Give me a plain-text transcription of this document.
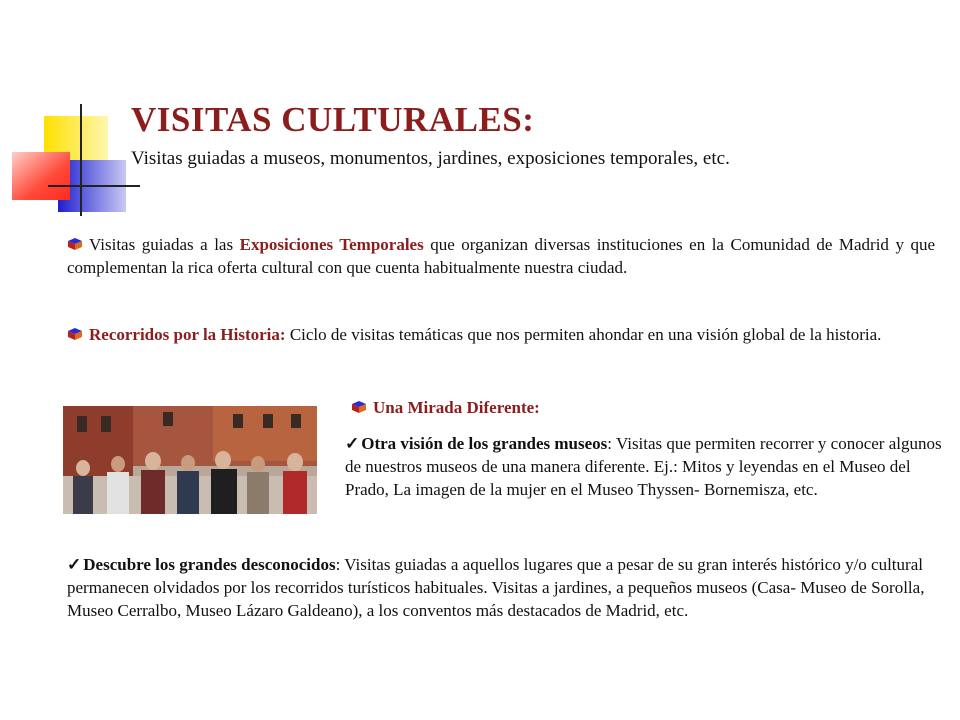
VISITAS CULTURALES:

Visitas guiadas a museos, monumentos, jardines, exposiciones temporales, etc.

Visitas guiadas a las Exposiciones Temporales que organizan diversas instituciones en la Comunidad de Madrid y que complementan la rica oferta cultural con que cuenta habitualmente nuestra ciudad.

Recorridos por la Historia: Ciclo de visitas temáticas que nos permiten ahondar en una visión global de la historia.

Una Mirada Diferente:

✓ Otra visión de los grandes museos: Visitas que permiten recorrer y conocer algunos de nuestros museos de una manera diferente. Ej.: Mitos y leyendas en el Museo del Prado, La imagen de la mujer en el Museo Thyssen- Bornemisza, etc.

✓ Descubre los grandes desconocidos: Visitas guiadas a aquellos lugares que a pesar de su gran interés histórico y/o cultural permanecen olvidados por los recorridos turísticos habituales. Visitas a jardines, a pequeños museos (Casa- Museo de Sorolla, Museo Cerralbo, Museo Lázaro Galdeano), a los conventos más destacados de Madrid, etc.
